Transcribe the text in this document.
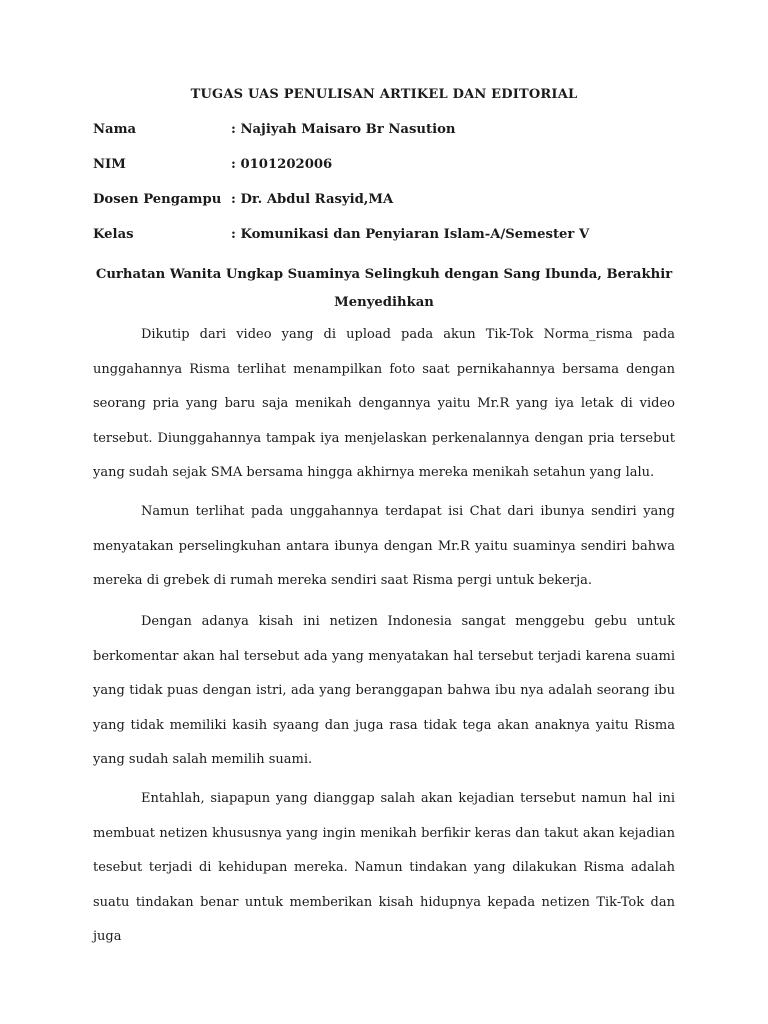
TUGAS UAS PENULISAN ARTIKEL DAN EDITORIAL
Nama	: Najiyah Maisaro Br Nasution
NIM	: 0101202006
Dosen Pengampu : Dr. Abdul Rasyid,MA
Kelas	: Komunikasi dan Penyiaran Islam-A/Semester V
Curhatan Wanita Ungkap Suaminya Selingkuh dengan Sang Ibunda, Berakhir Menyedihkan

Dikutip dari video yang di upload pada akun Tik-Tok Norma_risma pada unggahannya Risma terlihat menampilkan foto saat pernikahannya bersama dengan seorang pria yang baru saja menikah dengannya yaitu Mr.R yang iya letak di video tersebut. Diunggahannya tampak iya menjelaskan perkenalannya dengan pria tersebut yang sudah sejak SMA bersama hingga akhirnya mereka menikah setahun yang lalu.

Namun terlihat pada unggahannya terdapat isi Chat dari ibunya sendiri yang menyatakan perselingkuhan antara ibunya dengan Mr.R yaitu suaminya sendiri bahwa mereka di grebek di rumah mereka sendiri saat Risma pergi untuk bekerja.

Dengan adanya kisah ini netizen Indonesia sangat menggebu gebu untuk berkomentar akan hal tersebut ada yang menyatakan hal tersebut terjadi karena suami yang tidak puas dengan istri, ada yang beranggapan bahwa ibu nya adalah seorang ibu yang tidak memiliki kasih syaang dan juga rasa tidak tega akan anaknya yaitu Risma yang sudah salah memilih suami.

Entahlah, siapapun yang dianggap salah akan kejadian tersebut namun hal ini membuat netizen khususnya yang ingin menikah berfikir keras dan takut akan kejadian tesebut terjadi di kehidupan mereka. Namun tindakan yang dilakukan Risma adalah suatu tindakan benar untuk memberikan kisah hidupnya kepada netizen Tik-Tok dan juga
